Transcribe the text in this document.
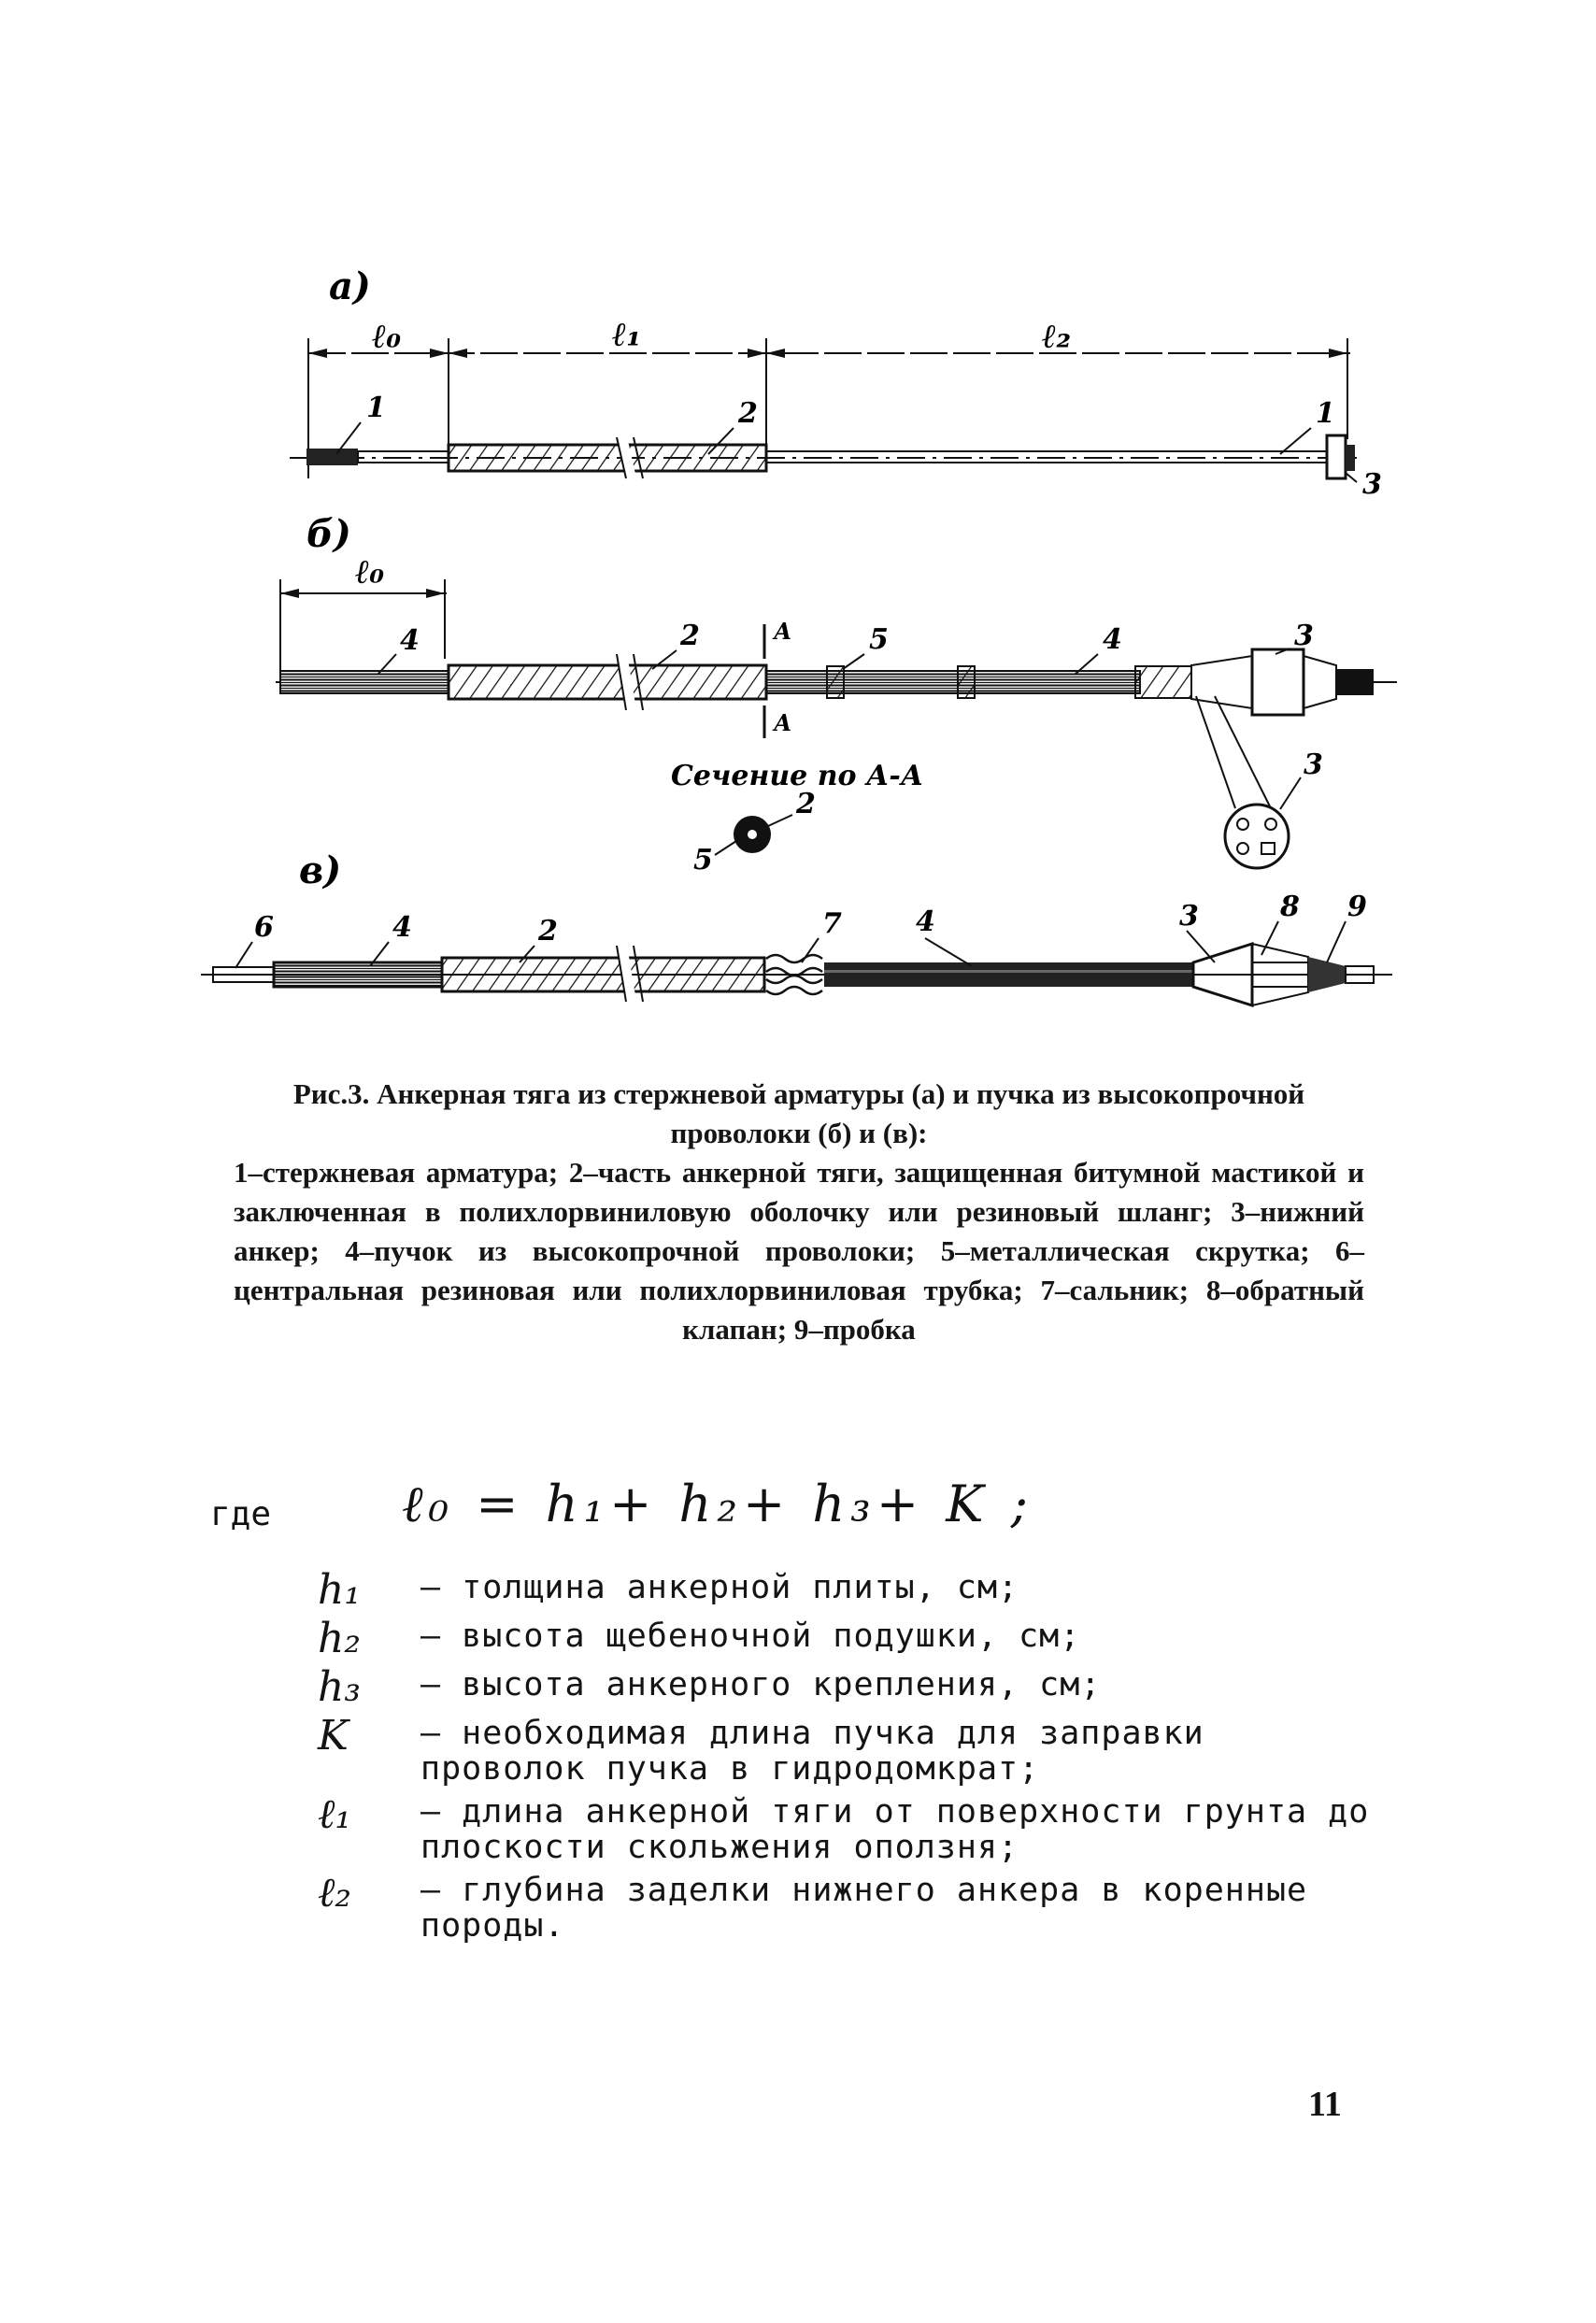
а)
ℓ₀	ℓ₁	ℓ₂
1	2	1
3
б)
ℓ₀
А
А
4	2	5	4	3
Сечение по А-А
2
5
3
в)
6	4	2	7	4	3	8 9
Рис.3. Анкерная тяга из стержневой арматуры (а) и пучка из высокопрочной проволоки (б) и (в):
1–стержневая арматура; 2–часть анкерной тяги, защищенная битумной мастикой и заключенная в полихлорвиниловую оболочку или резиновый шланг; 3–нижний анкер; 4–пучок из высокопрочной проволоки; 5–металлическая скрутка; 6–центральная резиновая или полихлорвиниловая трубка; 7–сальник; 8–обратный клапан; 9–пробка
где	ℓ₀ = h₁+ h₂+ h₃+ K ;
h₁	– толщина анкерной плиты, см;
h₂	– высота щебеночной подушки, см;
h₃	– высота анкерного крепления, см;
K	– необходимая длина пучка для заправки проволок пучка в гидродомкрат;
ℓ₁	– длина анкерной тяги от поверхности грунта до плоскости скольжения оползня;
ℓ₂	– глубина заделки нижнего анкера в коренные породы.
11
